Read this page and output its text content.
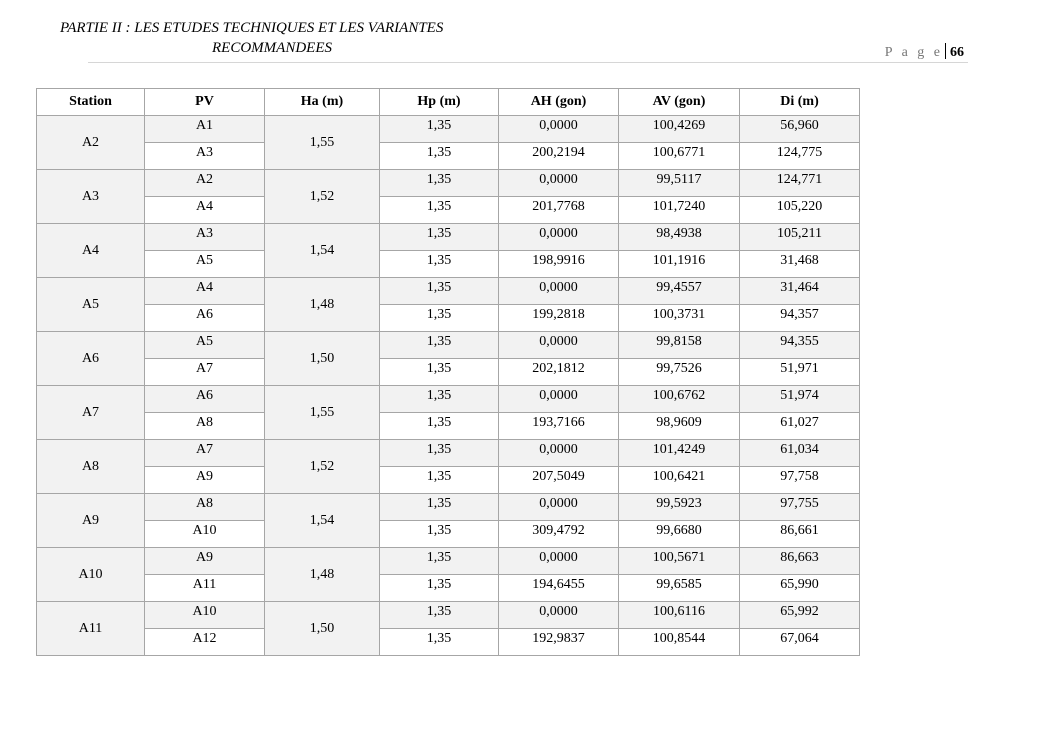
PARTIE II : LES ETUDES TECHNIQUES ET LES VARIANTES
RECOMMANDEES	P a g e 66
Station	PV	Ha (m)	Hp (m)	AH (gon)	AV (gon)	Di (m)
A2	A1	1,55	1,35	0,0000	100,4269	56,960
	A3		1,35	200,2194	100,6771	124,775
A3	A2	1,52	1,35	0,0000	99,5117	124,771
	A4		1,35	201,7768	101,7240	105,220
A4	A3	1,54	1,35	0,0000	98,4938	105,211
	A5		1,35	198,9916	101,1916	31,468
A5	A4	1,48	1,35	0,0000	99,4557	31,464
	A6		1,35	199,2818	100,3731	94,357
A6	A5	1,50	1,35	0,0000	99,8158	94,355
	A7		1,35	202,1812	99,7526	51,971
A7	A6	1,55	1,35	0,0000	100,6762	51,974
	A8		1,35	193,7166	98,9609	61,027
A8	A7	1,52	1,35	0,0000	101,4249	61,034
	A9		1,35	207,5049	100,6421	97,758
A9	A8	1,54	1,35	0,0000	99,5923	97,755
	A10		1,35	309,4792	99,6680	86,661
A10	A9	1,48	1,35	0,0000	100,5671	86,663
	A11		1,35	194,6455	99,6585	65,990
A11	A10	1,50	1,35	0,0000	100,6116	65,992
	A12		1,35	192,9837	100,8544	67,064
